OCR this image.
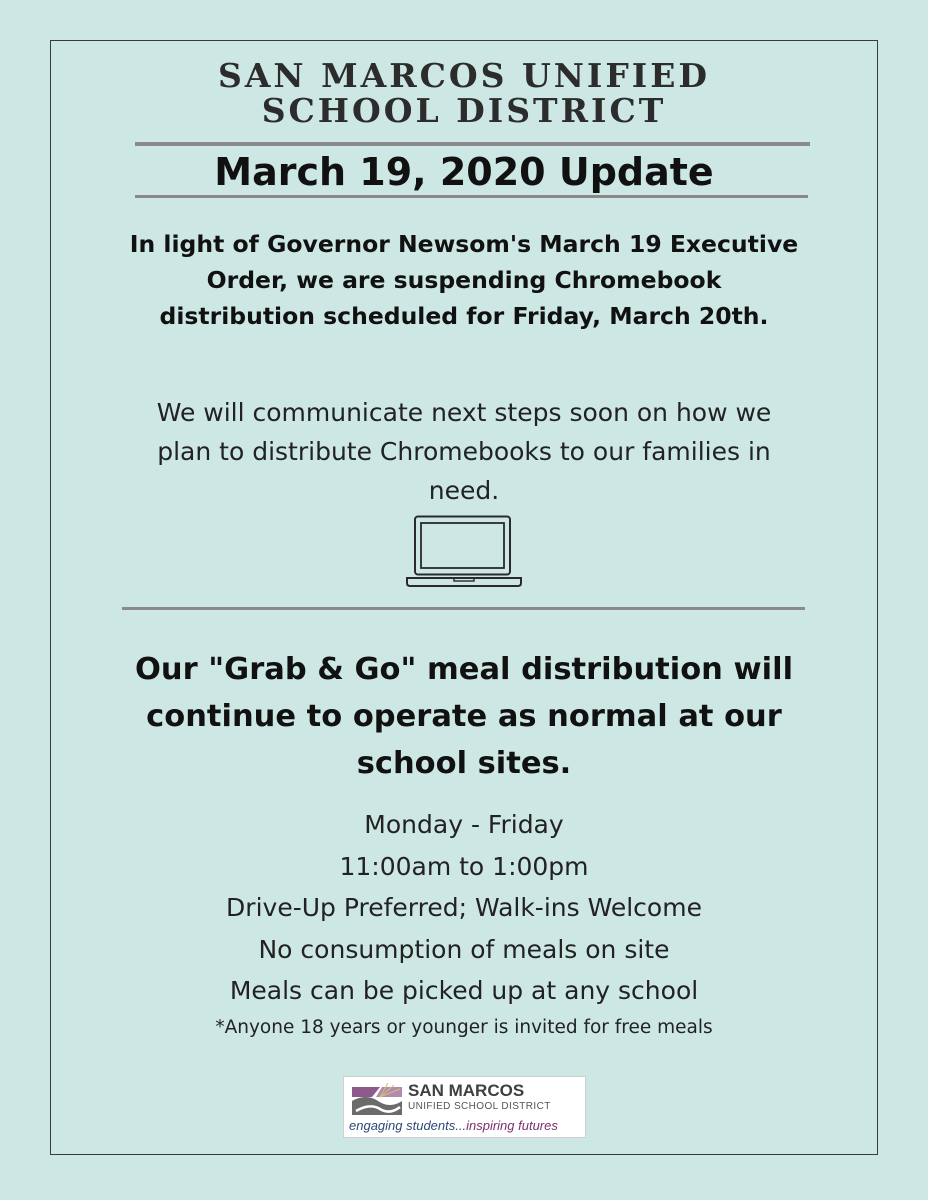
SAN MARCOS UNIFIED
SCHOOL DISTRICT
March 19, 2020 Update
In light of Governor Newsom's March 19 Executive
Order, we are suspending Chromebook
distribution scheduled for Friday, March 20th.
We will communicate next steps soon on how we
plan to distribute Chromebooks to our families in
need.
Our "Grab & Go" meal distribution will
continue to operate as normal at our
school sites.
Monday - Friday
11:00am to 1:00pm
Drive-Up Preferred; Walk-ins Welcome
No consumption of meals on site
Meals can be picked up at any school
*Anyone 18 years or younger is invited for free meals
SAN MARCOS
UNIFIED SCHOOL DISTRICT
engaging students...inspiring futures
